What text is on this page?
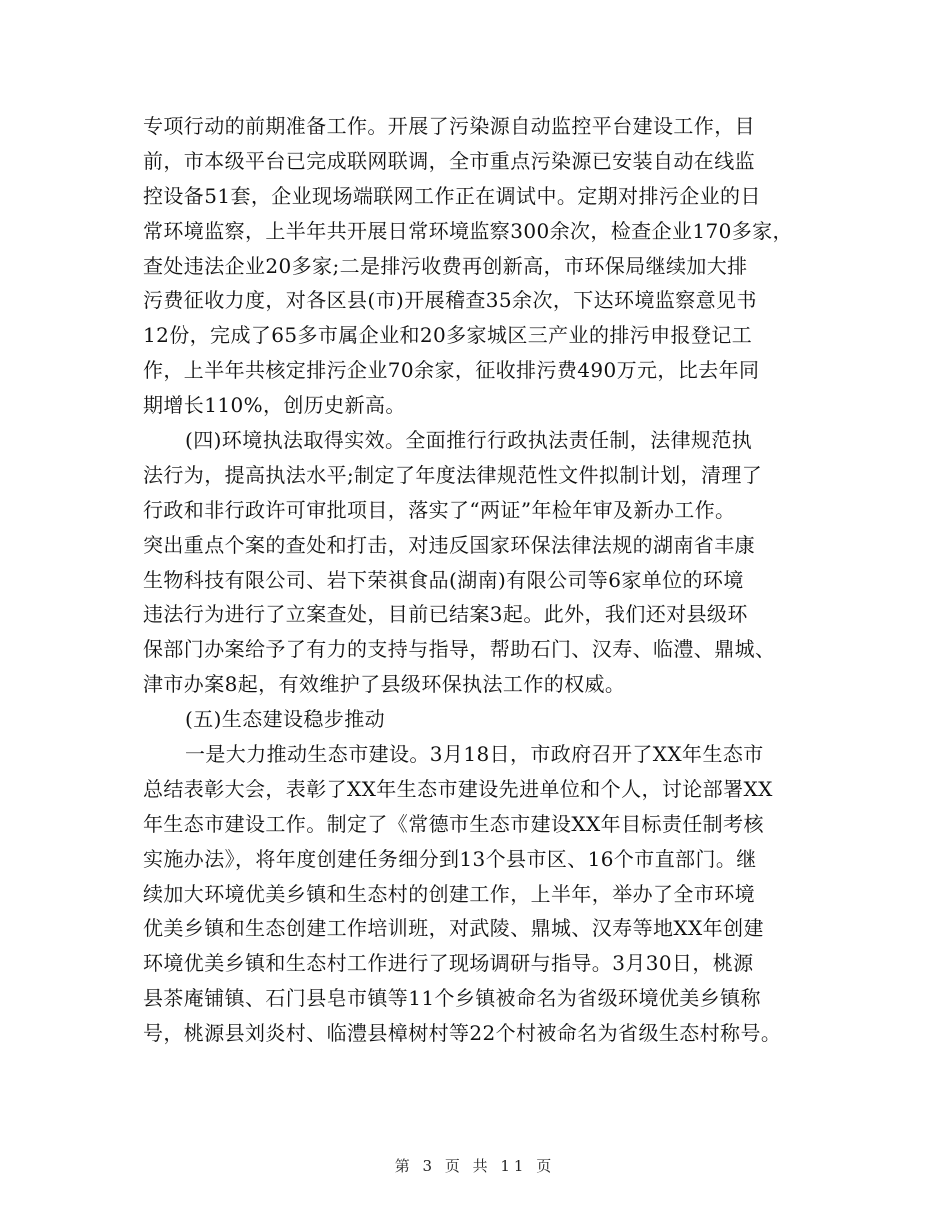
专项行动的前期准备工作。开展了污染源自动监控平台建设工作，目
前，市本级平台已完成联网联调，全市重点污染源已安装自动在线监
控设备51套，企业现场端联网工作正在调试中。定期对排污企业的日
常环境监察，上半年共开展日常环境监察300余次，检查企业170多家，
查处违法企业20多家;二是排污收费再创新高，市环保局继续加大排
污费征收力度，对各区县(市)开展稽查35余次，下达环境监察意见书
12份，完成了65多市属企业和20多家城区三产业的排污申报登记工
作，上半年共核定排污企业70余家，征收排污费490万元，比去年同
期增长110%，创历史新高。
(四)环境执法取得实效。全面推行行政执法责任制，法律规范执
法行为，提高执法水平;制定了年度法律规范性文件拟制计划，清理了
行政和非行政许可审批项目，落实了“两证”年检年审及新办工作。
突出重点个案的查处和打击，对违反国家环保法律法规的湖南省丰康
生物科技有限公司、岩下荣祺食品(湖南)有限公司等6家单位的环境
违法行为进行了立案查处，目前已结案3起。此外，我们还对县级环
保部门办案给予了有力的支持与指导，帮助石门、汉寿、临澧、鼎城、
津市办案8起，有效维护了县级环保执法工作的权威。
(五)生态建设稳步推动
一是大力推动生态市建设。3月18日，市政府召开了XX年生态市
总结表彰大会，表彰了XX年生态市建设先进单位和个人，讨论部署XX
年生态市建设工作。制定了《常德市生态市建设XX年目标责任制考核
实施办法》，将年度创建任务细分到13个县市区、16个市直部门。继
续加大环境优美乡镇和生态村的创建工作，上半年，举办了全市环境
优美乡镇和生态创建工作培训班，对武陵、鼎城、汉寿等地XX年创建
环境优美乡镇和生态村工作进行了现场调研与指导。3月30日，桃源
县茶庵铺镇、石门县皂市镇等11个乡镇被命名为省级环境优美乡镇称
号，桃源县刘炎村、临澧县樟树村等22个村被命名为省级生态村称号。
第 3 页 共 11 页
